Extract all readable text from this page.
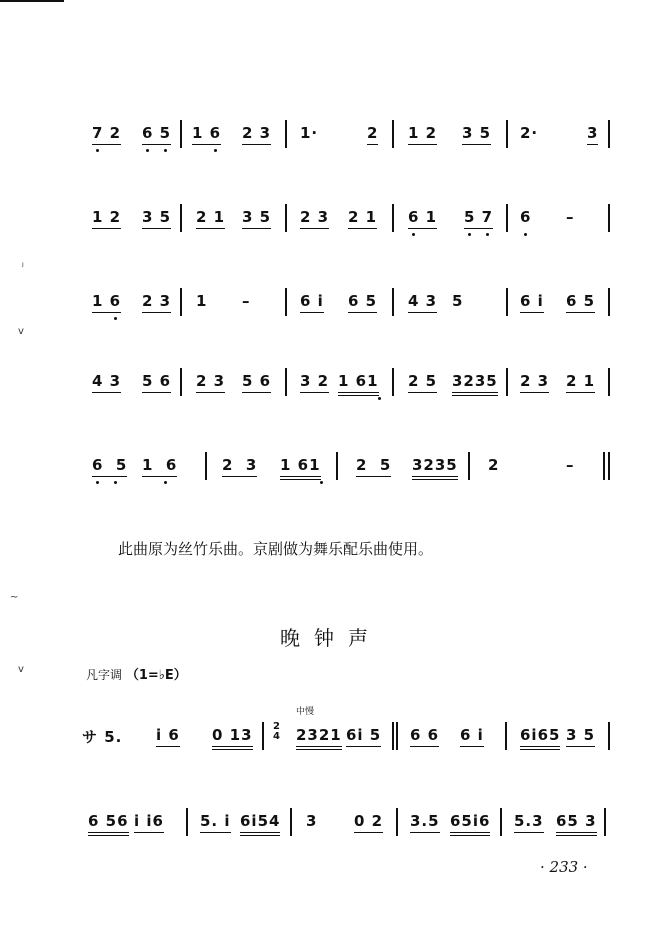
ⱼ
v
~
v
7 2 6 5 1 6 2 3 1·	2 1 2 3 5 2·	3
1 2 3 5 2 1 3 5 2 3 2 1 6 1 5 7 6 –
1 6 2 3 1 –	6 i 6 5 4 3 5	6 i 6 5
4 3 5 6 2 3 5 6 3 2 1 61 2 5 3235 2 3 2 1
6  5 1  6	2  3 1 61 2  5 3235 2	–
此曲原为丝竹乐曲。京剧做为舞乐配乐曲使用。
晚钟声
凡字调 （1=♭E）
中慢
2
4
サ 5. i 6 0 13	2321 6i 5 6 6 6 i 6i65 3 5
6 56 i i6 5. i 6i54 3 0 2 3.5 65i6 5.3 65 3
· 233 ·
